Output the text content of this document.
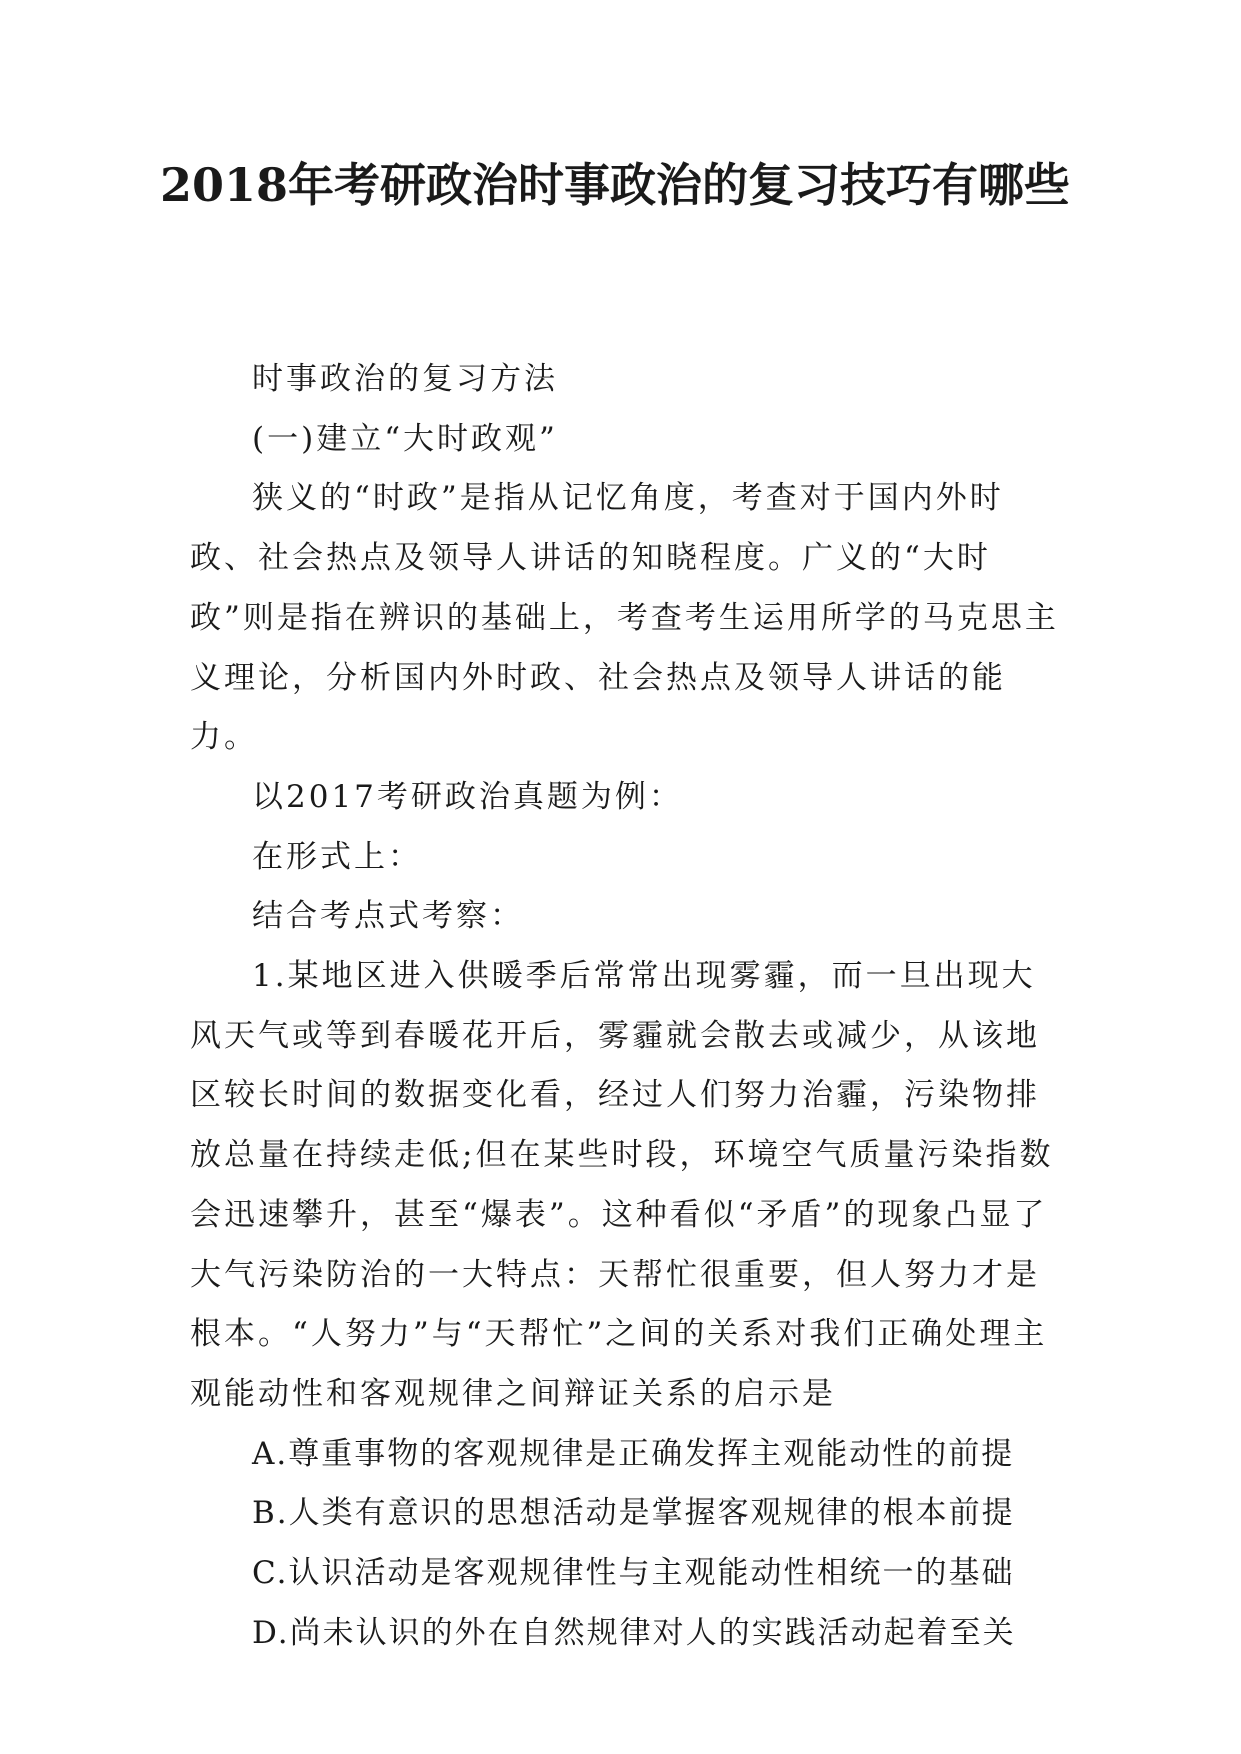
2018年考研政治时事政治的复习技巧有哪些

时事政治的复习方法

(一)建立“大时政观”

狭义的“时政”是指从记忆角度，考查对于国内外时政、社会热点及领导人讲话的知晓程度。广义的“大时政”则是指在辨识的基础上，考查考生运用所学的马克思主义理论，分析国内外时政、社会热点及领导人讲话的能力。

以2017考研政治真题为例：

在形式上：

结合考点式考察：

1.某地区进入供暖季后常常出现雾霾，而一旦出现大风天气或等到春暖花开后，雾霾就会散去或减少，从该地区较长时间的数据变化看，经过人们努力治霾，污染物排放总量在持续走低;但在某些时段，环境空气质量污染指数会迅速攀升，甚至“爆表”。这种看似“矛盾”的现象凸显了大气污染防治的一大特点：天帮忙很重要，但人努力才是根本。“人努力”与“天帮忙”之间的关系对我们正确处理主观能动性和客观规律之间辩证关系的启示是

A.尊重事物的客观规律是正确发挥主观能动性的前提

B.人类有意识的思想活动是掌握客观规律的根本前提

C.认识活动是客观规律性与主观能动性相统一的基础

D.尚未认识的外在自然规律对人的实践活动起着至关
